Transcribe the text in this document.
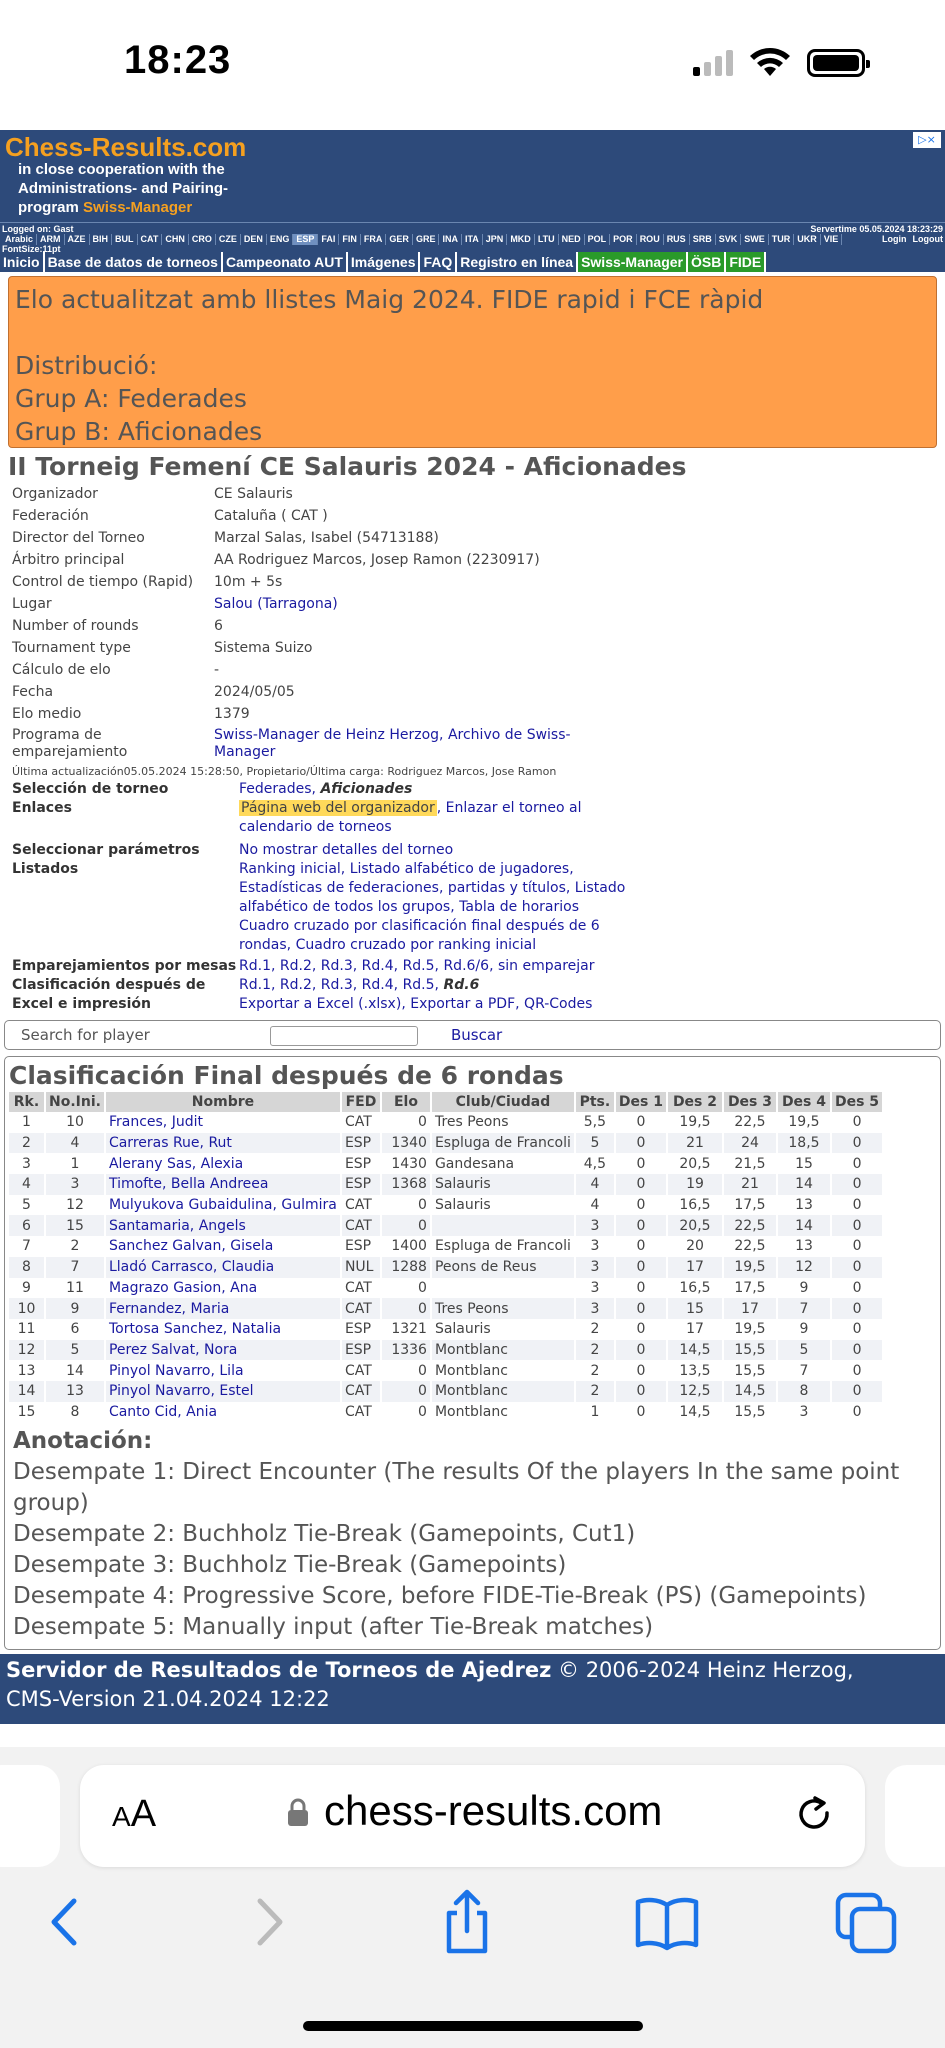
18:23
Chess-Results.com
in close cooperation with the
Administrations- and Pairing-
program Swiss-Manager
▷×
Logged on: Gast	Servertime 05.05.2024 18:23:29
Arabic ARM AZE BIH BUL CAT CHN CRO CZE DEN ENG ESP FAI FIN FRA GER GRE INA ITA JPN MKD LTU NED POL POR ROU RUS SRB SVK SWE TUR UKR VIE	Login Logout
FontSize:11pt
Inicio Base de datos de torneos Campeonato AUT Imágenes FAQ Registro en línea Swiss-Manager ÖSB FIDE
Elo actualitzat amb llistes Maig 2024. FIDE rapid i FCE ràpid
Distribució:
Grup A: Federades
Grup B: Aficionades
II Torneig Femení CE Salauris 2024 - Aficionades
Organizador	CE Salauris
Federación	Cataluña ( CAT )
Director del Torneo	Marzal Salas, Isabel (54713188)
Árbitro principal	AA Rodriguez Marcos, Josep Ramon (2230917)
Control de tiempo (Rapid)	10m + 5s
Lugar	Salou (Tarragona)
Number of rounds	6
Tournament type	Sistema Suizo
Cálculo de elo	-
Fecha	2024/05/05
Elo medio	1379
Programa de
emparejamiento
Swiss-Manager de Heinz Herzog, Archivo de Swiss-
Manager
Última actualización05.05.2024 15:28:50, Propietario/Última carga: Rodriguez Marcos, Jose Ramon
Selección de torneo	Federades, Aficionades
Enlaces	Página web del organizador , Enlazar el torneo al
calendario de torneos
Seleccionar parámetros	No mostrar detalles del torneo
Listados	Ranking inicial, Listado alfabético de jugadores,
Estadísticas de federaciones, partidas y títulos, Listado
alfabético de todos los grupos, Tabla de horarios
Cuadro cruzado por clasificación final después de 6
rondas, Cuadro cruzado por ranking inicial
Emparejamientos por mesas Rd.1, Rd.2, Rd.3, Rd.4, Rd.5, Rd.6/6, sin emparejar
Clasificación después de	Rd.1, Rd.2, Rd.3, Rd.4, Rd.5, Rd.6
Excel e impresión	Exportar a Excel (.xlsx), Exportar a PDF, QR-Codes
Search for player	Buscar
Clasificación Final después de 6 rondas
Rk.	No.Ini.	Nombre	FED	Elo	Club/Ciudad	Pts.	Des 1	Des 2	Des 3	Des 4	Des 5
1	10	Frances, Judit	CAT	0	Tres Peons	5,5	0	19,5	22,5	19,5	0
2	4	Carreras Rue, Rut	ESP	1340	Espluga de Francoli	5	0	21	24	18,5	0
3	1	Alerany Sas, Alexia	ESP	1430	Gandesana	4,5	0	20,5	21,5	15	0
4	3	Timofte, Bella Andreea	ESP	1368	Salauris	4	0	19	21	14	0
5	12	Mulyukova Gubaidulina, Gulmira	CAT	0	Salauris	4	0	16,5	17,5	13	0
6	15	Santamaria, Angels	CAT	0		3	0	20,5	22,5	14	0
7	2	Sanchez Galvan, Gisela	ESP	1400	Espluga de Francoli	3	0	20	22,5	13	0
8	7	Lladó Carrasco, Claudia	NUL	1288	Peons de Reus	3	0	17	19,5	12	0
9	11	Magrazo Gasion, Ana	CAT	0		3	0	16,5	17,5	9	0
10	9	Fernandez, Maria	CAT	0	Tres Peons	3	0	15	17	7	0
11	6	Tortosa Sanchez, Natalia	ESP	1321	Salauris	2	0	17	19,5	9	0
12	5	Perez Salvat, Nora	ESP	1336	Montblanc	2	0	14,5	15,5	5	0
13	14	Pinyol Navarro, Lila	CAT	0	Montblanc	2	0	13,5	15,5	7	0
14	13	Pinyol Navarro, Estel	CAT	0	Montblanc	2	0	12,5	14,5	8	0
15	8	Canto Cid, Ania	CAT	0	Montblanc	1	0	14,5	15,5	3	0
Anotación:
Desempate 1: Direct Encounter (The results Of the players In the same point group)
Desempate 2: Buchholz Tie-Break (Gamepoints, Cut1)
Desempate 3: Buchholz Tie-Break (Gamepoints)
Desempate 4: Progressive Score, before FIDE-Tie-Break (PS) (Gamepoints)
Desempate 5: Manually input (after Tie-Break matches)
Servidor de Resultados de Torneos de Ajedrez © 2006-2024 Heinz Herzog,
CMS-Version 21.04.2024 12:22
AA	chess-results.com
